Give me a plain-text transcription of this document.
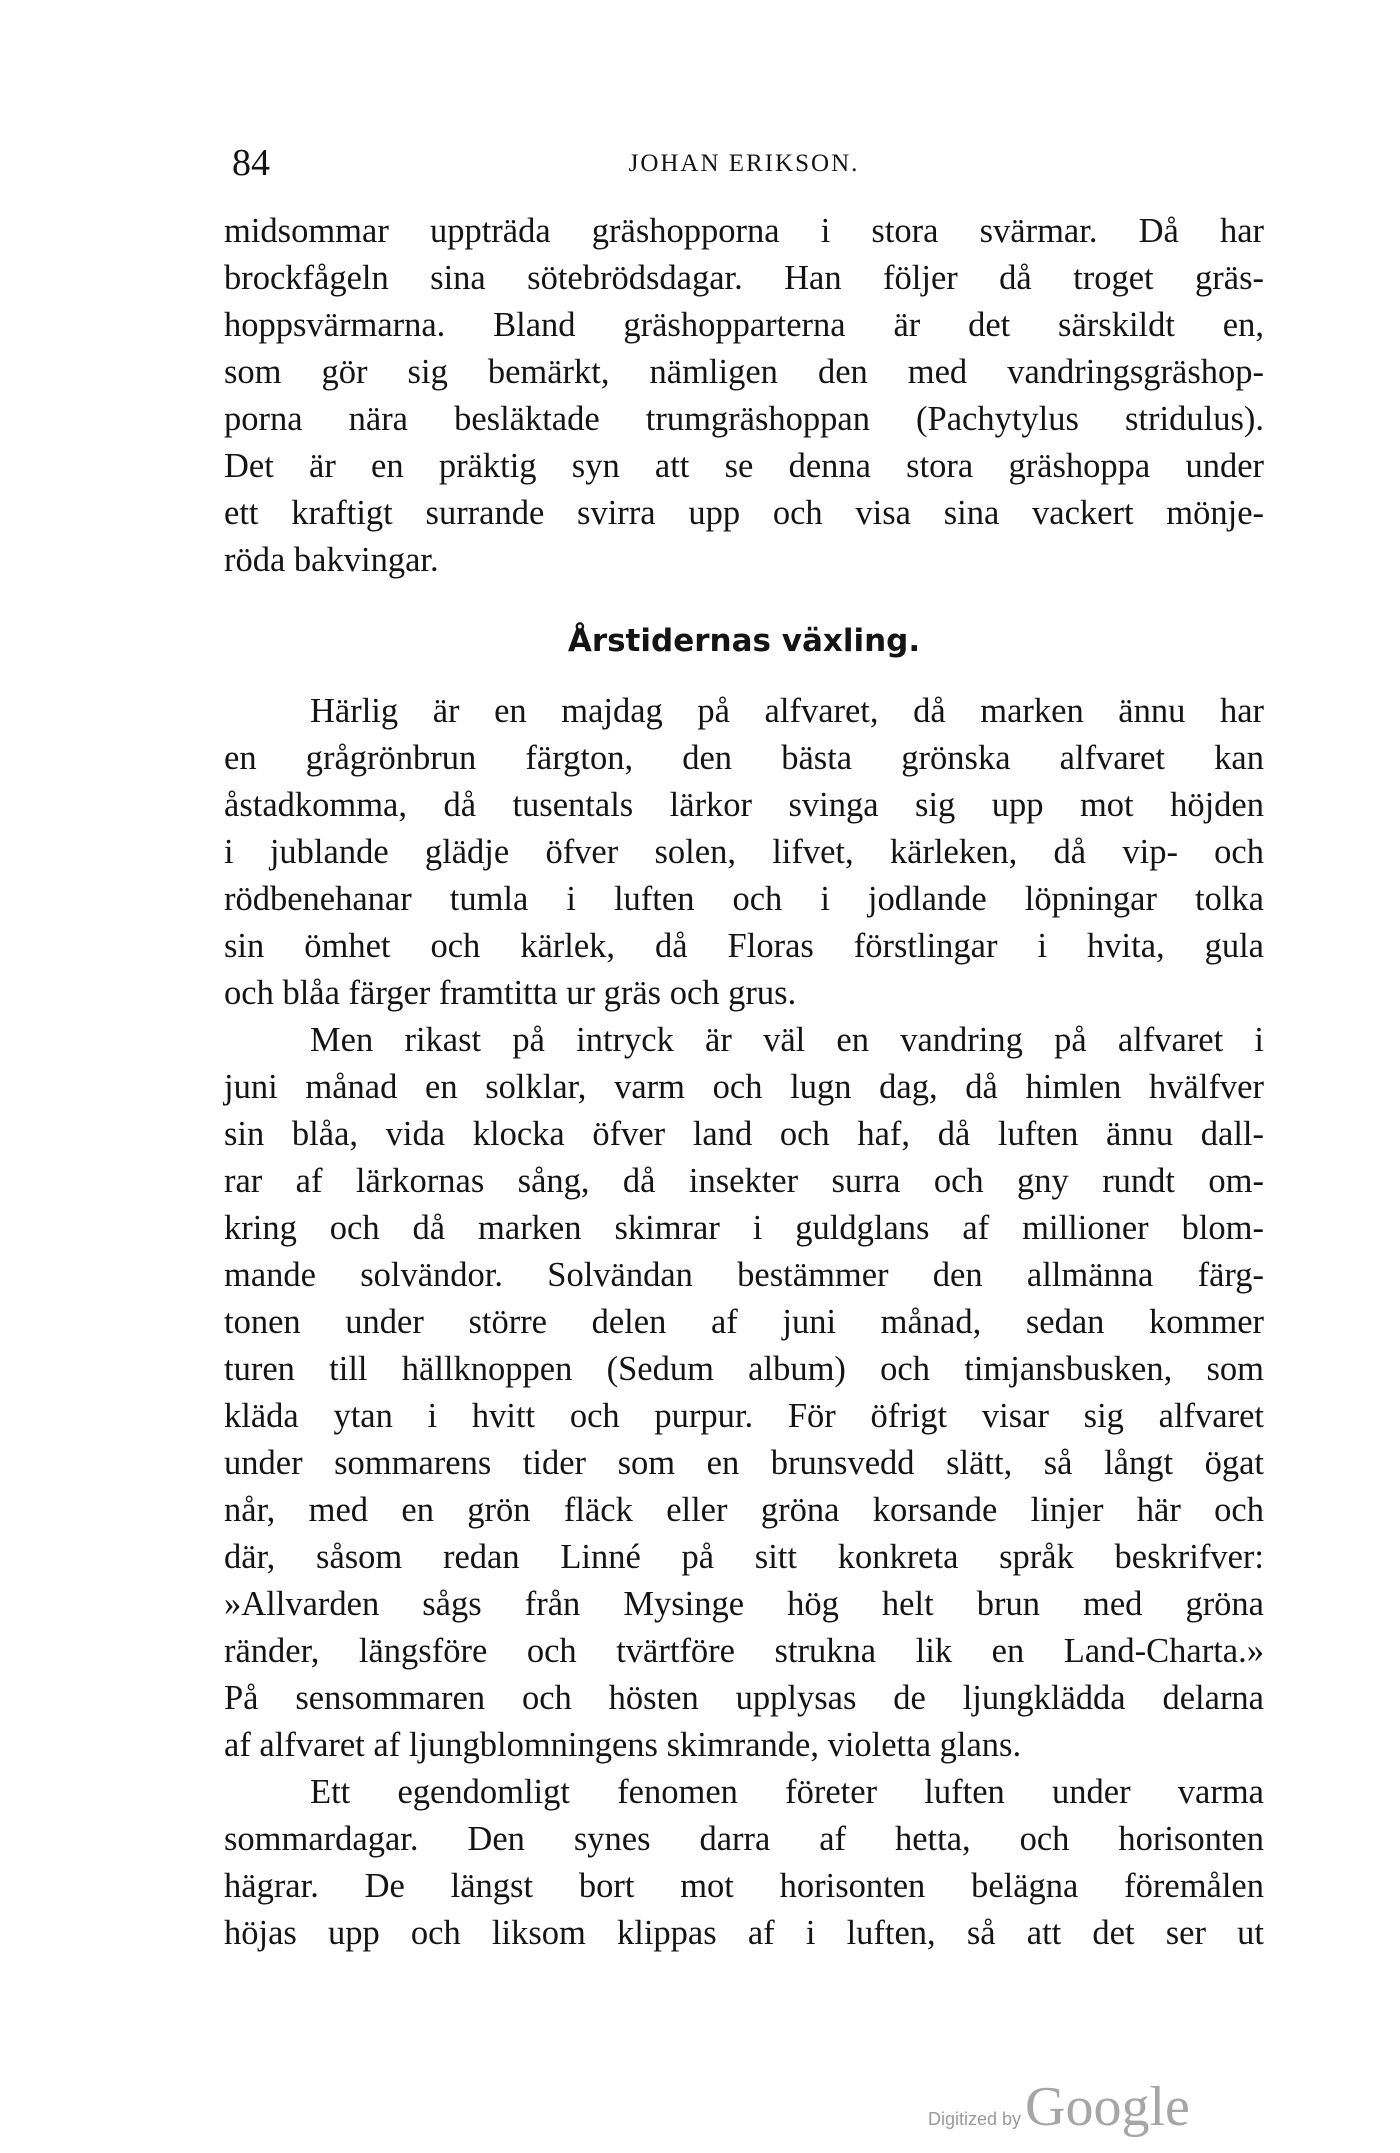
84	JOHAN ERIKSON.
midsommar uppträda gräshopporna i stora svärmar. Då har
brockfågeln sina sötebrödsdagar. Han följer då troget gräs-
hoppsvärmarna. Bland gräshopparterna är det särskildt en,
som gör sig bemärkt, nämligen den med vandringsgräshop-
porna nära besläktade trumgräshoppan (Pachytylus stridulus).
Det är en präktig syn att se denna stora gräshoppa under
ett kraftigt surrande svirra upp och visa sina vackert mönje-
röda bakvingar.
Årstidernas växling.
Härlig är en majdag på alfvaret, då marken ännu har
en grågrönbrun färgton, den bästa grönska alfvaret kan
åstadkomma, då tusentals lärkor svinga sig upp mot höjden
i jublande glädje öfver solen, lifvet, kärleken, då vip- och
rödbenehanar tumla i luften och i jodlande löpningar tolka
sin ömhet och kärlek, då Floras förstlingar i hvita, gula
och blåa färger framtitta ur gräs och grus.
Men rikast på intryck är väl en vandring på alfvaret i
juni månad en solklar, varm och lugn dag, då himlen hvälfver
sin blåa, vida klocka öfver land och haf, då luften ännu dall-
rar af lärkornas sång, då insekter surra och gny rundt om-
kring och då marken skimrar i guldglans af millioner blom-
mande solvändor. Solvändan bestämmer den allmänna färg-
tonen under större delen af juni månad, sedan kommer
turen till hällknoppen (Sedum album) och timjansbusken, som
kläda ytan i hvitt och purpur. För öfrigt visar sig alfvaret
under sommarens tider som en brunsvedd slätt, så långt ögat
når, med en grön fläck eller gröna korsande linjer här och
där, såsom redan Linné på sitt konkreta språk beskrifver:
»Allvarden sågs från Mysinge hög helt brun med gröna
ränder, längsföre och tvärtföre strukna lik en Land-Charta.»
På sensommaren och hösten upplysas de ljungklädda delarna
af alfvaret af ljungblomningens skimrande, violetta glans.
Ett egendomligt fenomen företer luften under varma
sommardagar. Den synes darra af hetta, och horisonten
hägrar. De längst bort mot horisonten belägna föremålen
höjas upp och liksom klippas af i luften, så att det ser ut
Digitized byGoogle
